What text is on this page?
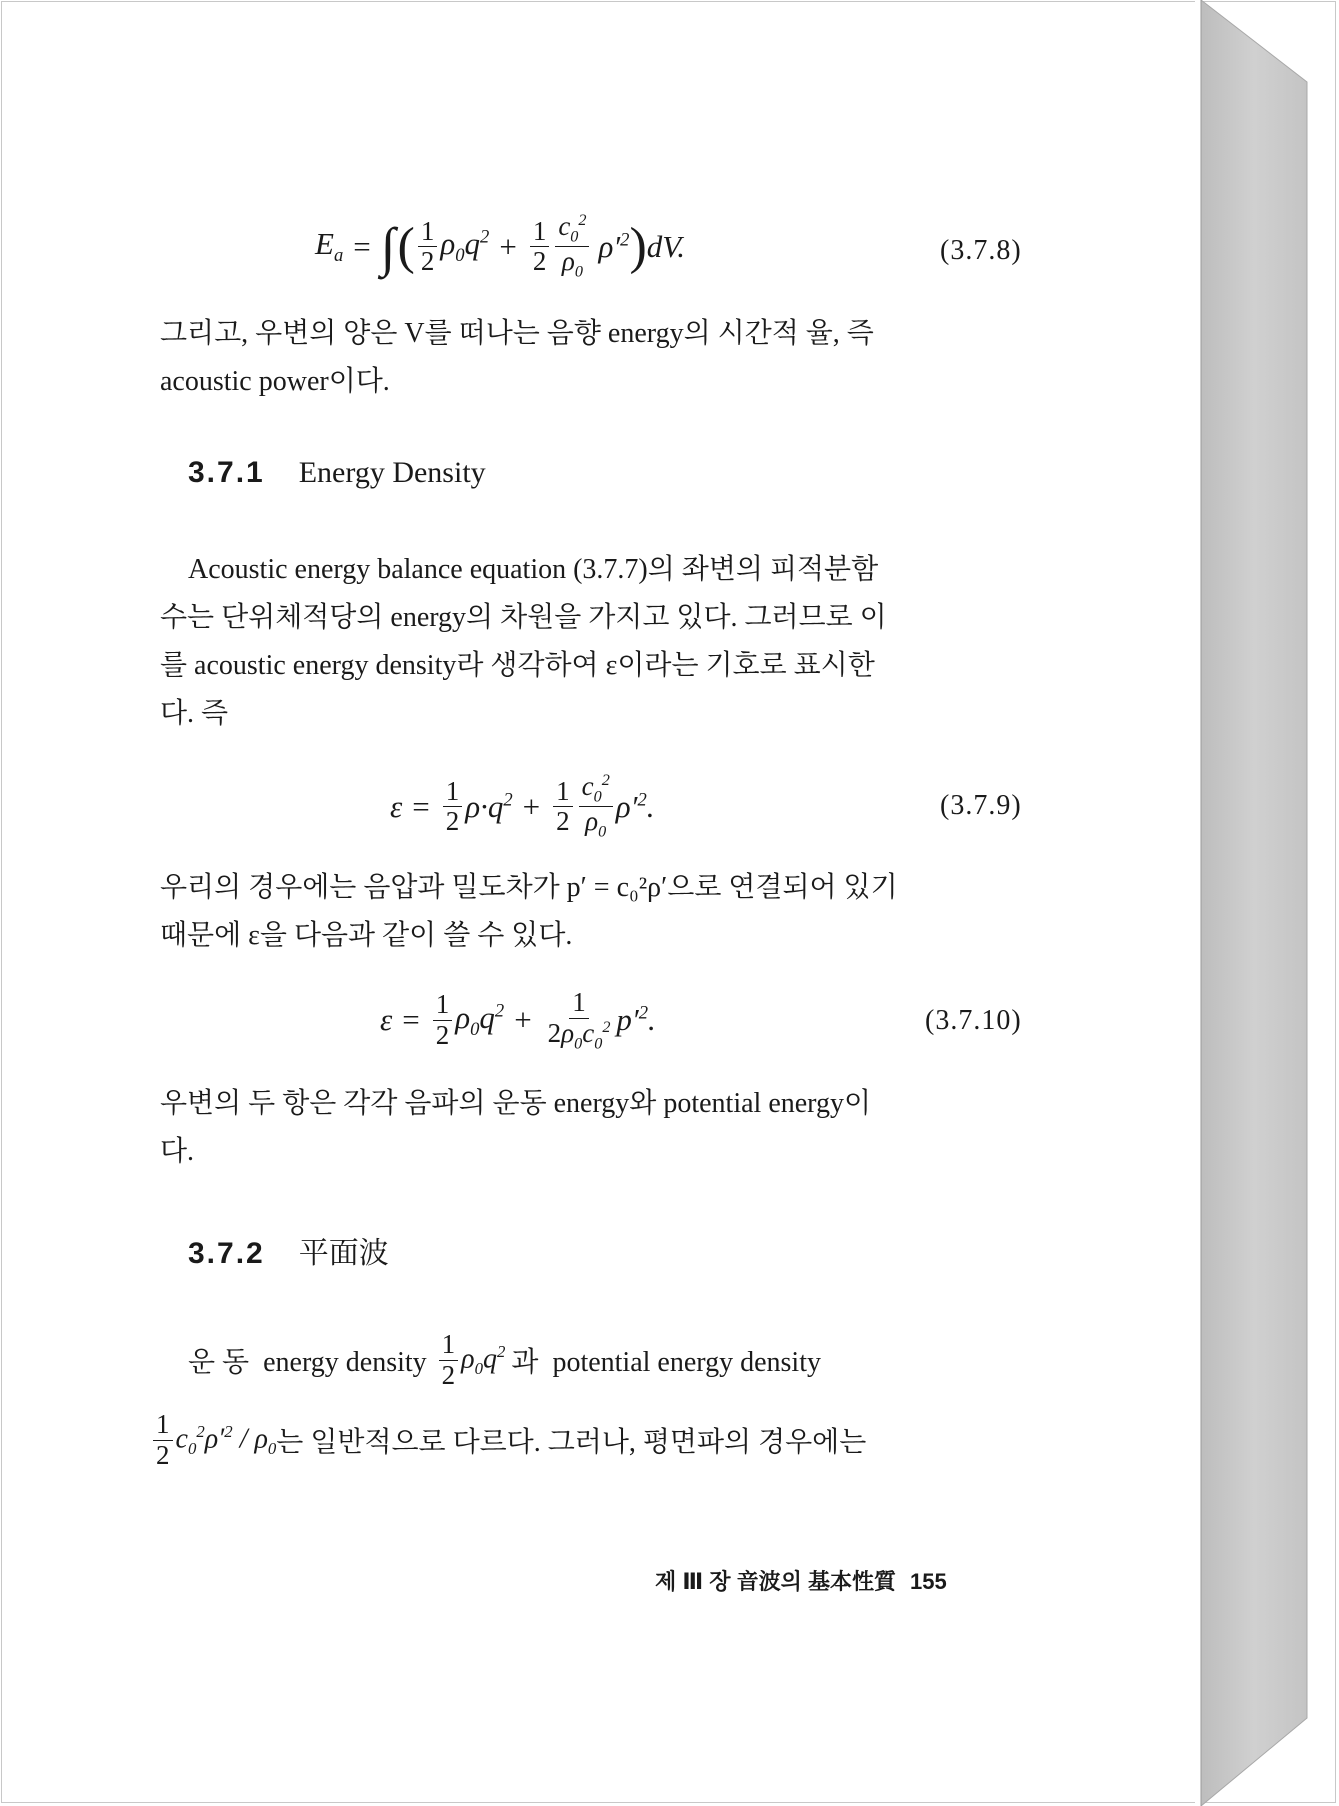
$E_a$ = ∫ ( $\frac{1}{2} \rho_0q^2 + \frac{1}{2} \frac{c_0^2}{\rho_0} \rho'^2$ ) dV.	(3.7.8)
그리고, 우변의 양은 V를 떠나는 음향 energy의 시간적 율, 즉
acoustic power이다.
3.7.1 Energy Density
Acoustic energy balance equation (3.7.7)의 좌변의 피적분함
수는 단위체적당의 energy의 차원을 가지고 있다. 그러므로 이
를 acoustic energy density라 생각하여 ε이라는 기호로 표시한
다. 즉
$\varepsilon = \frac{1}{2} \rho\cdot q^2 + \frac{1}{2} \frac{c_0^2}{\rho_0} \rho'^2$.	(3.7.9)
우리의 경우에는 음압과 밀도차가 p′ = c₀²ρ′으로 연결되어 있기
때문에 ε을 다음과 같이 쓸 수 있다.
$\varepsilon = \frac{1}{2} \rho_0q^2 + \frac{1}{2\rho_0c_0^2} p'^2$.	(3.7.10)
우변의 두 항은 각각 음파의 운동 energy와 potential energy이
다.
3.7.2 平面波
운 동  energy density $\frac{1}{2} \rho_0q^2$ 과  potential energy density
$\frac{1}{2} c_0^2\rho'^2 / \rho_0$ 는 일반적으로 다르다. 그러나, 평면파의 경우에는
제 Ⅲ 장 音波의 基本性質 155
